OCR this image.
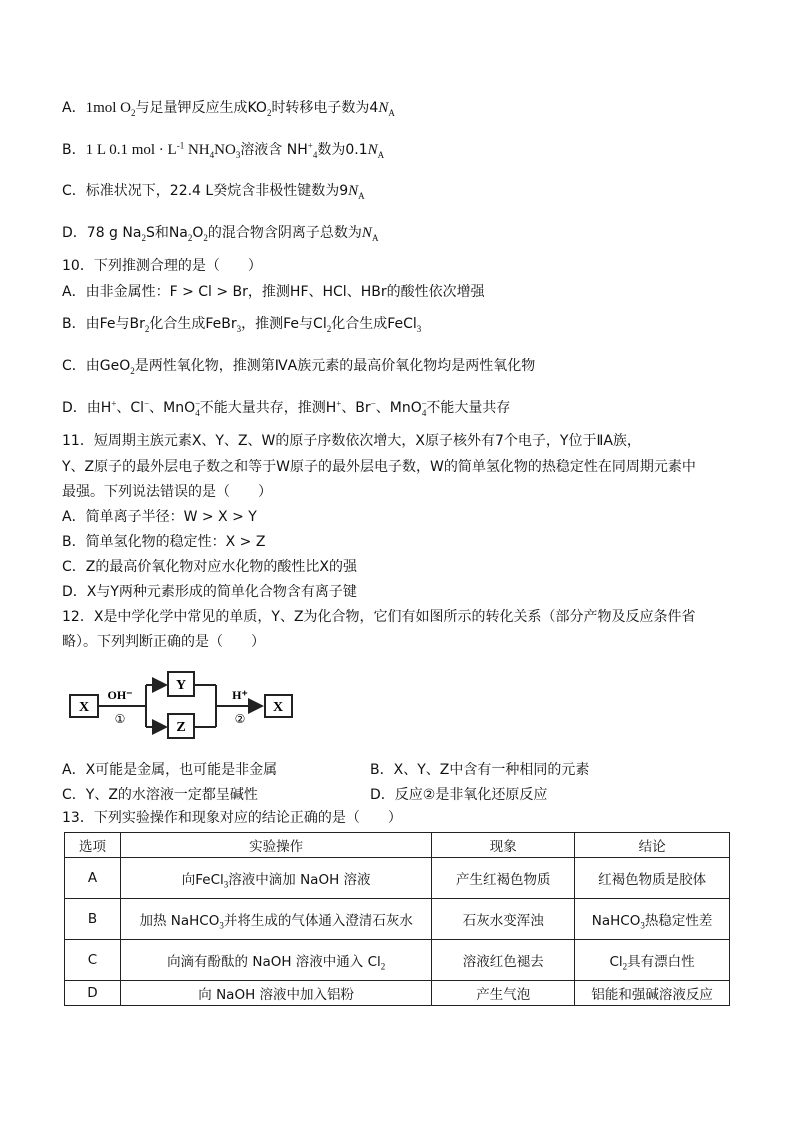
A．1mol $O_2$与足量钾反应生成$KO_2$时转移电子数为$4N_A$
B．1 L 0.1 mol · $L^{-1}$ $NH_4NO_3$溶液含 $NH^+_4$数为$0.1N_A$
C．标准状况下，22.4 L癸烷含非极性键数为$9N_A$
D．78 g $Na_2S$和$Na_2O_2$的混合物含阴离子总数为$N_A$
10．下列推测合理的是（　　）
A．由非金属性：F > Cl > Br，推测HF、HCl、HBr的酸性依次增强
B．由Fe与$Br_2$化合生成FeBr$_3$，推测Fe与$Cl_2$化合生成FeCl$_3$
C．由GeO$_2$是两性氧化物，推测第ⅣA族元素的最高价氧化物均是两性氧化物
D．由H+、Cl−、MnO−$_4$不能大量共存，推测H+、Br−、MnO−$_4$不能大量共存
11．短周期主族元素X、Y、Z、W的原子序数依次增大，X原子核外有7个电子，Y位于ⅡA族，
Y、Z原子的最外层电子数之和等于W原子的最外层电子数，W的简单氢化物的热稳定性在同周期元素中
最强。下列说法错误的是（　　）
A．简单离子半径：W > X > Y
B．简单氢化物的稳定性：X > Z
C．Z的最高价氧化物对应水化物的酸性比X的强
D．X与Y两种元素形成的简单化合物含有离子键
12．X是中学化学中常见的单质，Y、Z为化合物，它们有如图所示的转化关系（部分产物及反应条件省
略）。下列判断正确的是（　　）
X
OH⁻
①
Y
Z
H⁺
②
X
A．X可能是金属，也可能是非金属	B．X、Y、Z中含有一种相同的元素
C．Y、Z的水溶液一定都呈碱性	D．反应②是非氧化还原反应
13．下列实验操作和现象对应的结论正确的是（　　）
选项	实验操作	现象	结论
A	向FeCl$_3$溶液中滴加 NaOH 溶液	产生红褐色物质	红褐色物质是胶体
B	加热 NaHCO$_3$并将生成的气体通入澄清石灰水	石灰水变浑浊	NaHCO$_3$热稳定性差
C	向滴有酚酞的 NaOH 溶液中通入 $Cl_2$	溶液红色褪去	$Cl_2$具有漂白性
D	向 NaOH 溶液中加入铝粉	产生气泡	铝能和强碱溶液反应
